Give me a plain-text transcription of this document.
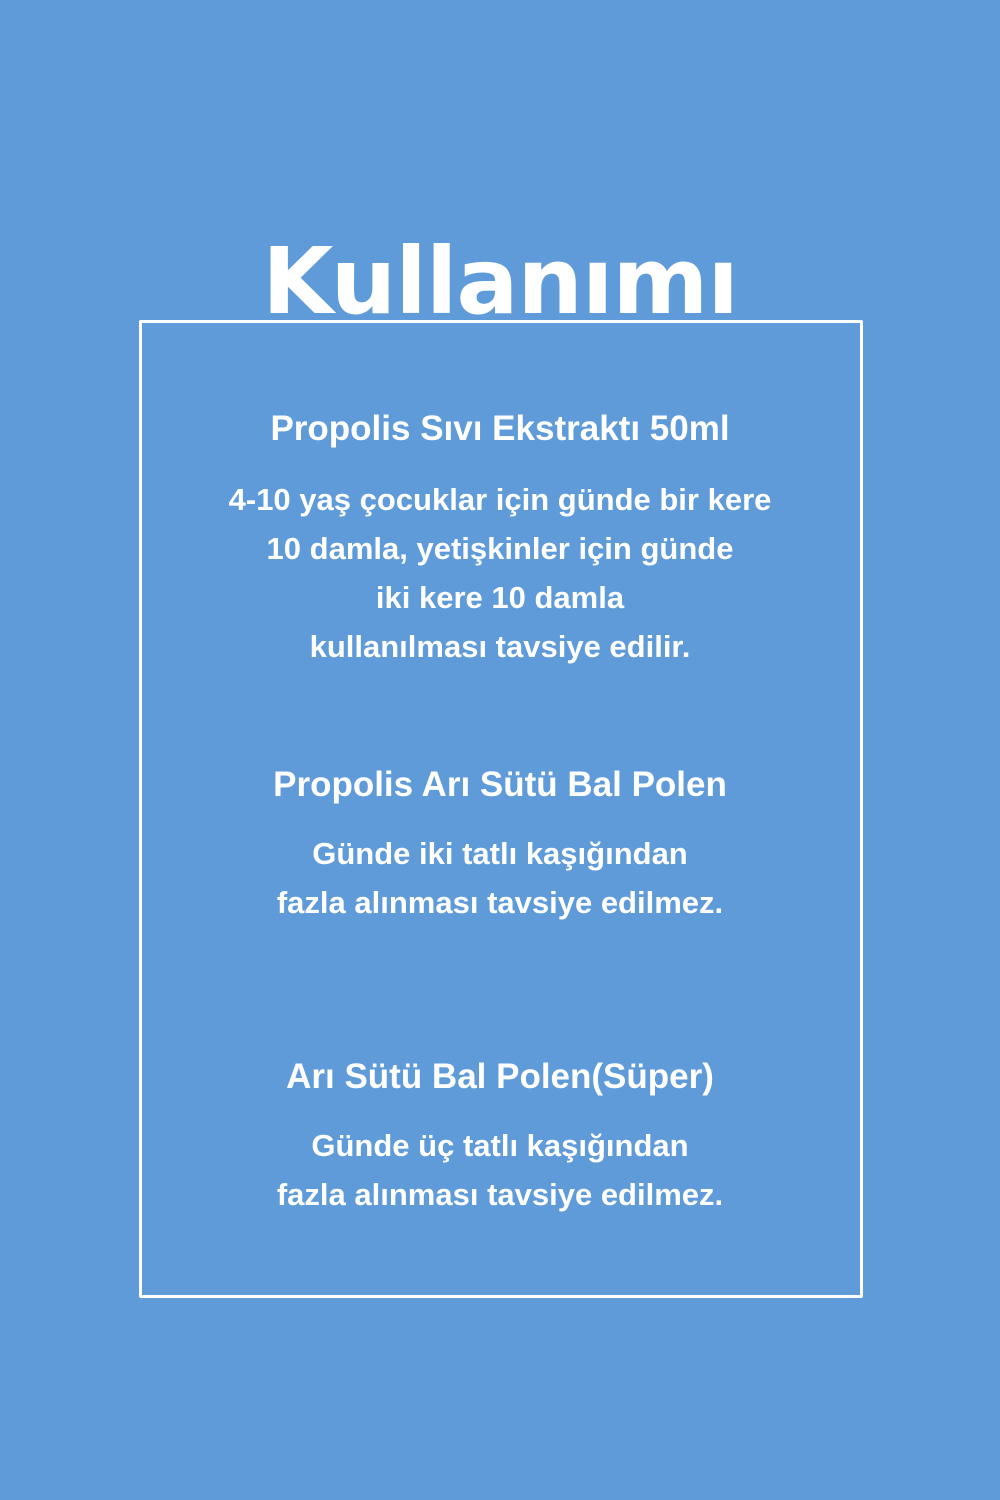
Kullanımı
Propolis Sıvı Ekstraktı 50ml

4-10 yaş çocuklar için günde bir kere
10 damla, yetişkinler için günde
iki kere 10 damla
kullanılması tavsiye edilir.

Propolis Arı Sütü Bal Polen

Günde iki tatlı kaşığından
fazla alınması tavsiye edilmez.

Arı Sütü Bal Polen(Süper)

Günde üç tatlı kaşığından
fazla alınması tavsiye edilmez.
